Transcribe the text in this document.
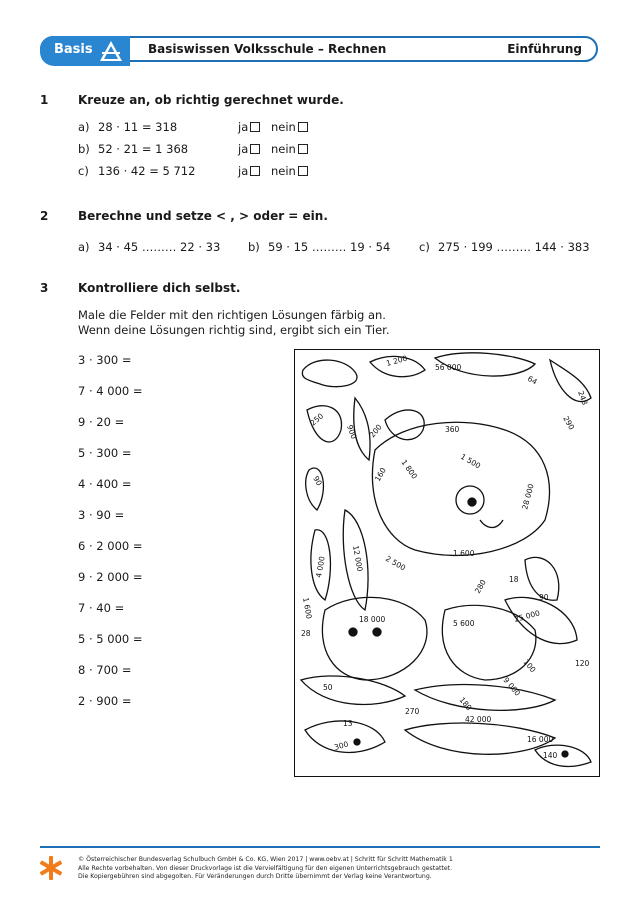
Basis	Basiswissen Volksschule – Rechnen	Einführung
1 Kreuze an, ob richtig gerechnet wurde.
a) 28 · 11 = 318	ja	nein
b) 52 · 21 = 1 368	ja	nein
c) 136 · 42 = 5 712	ja	nein
2 Berechne und setze < , > oder = ein.
a) 34 · 45 ……… 22 · 33 b) 59 · 15 ……… 19 · 54 c) 275 · 199 ……… 144 · 383
3 Kontrolliere dich selbst.
Male die Felder mit den richtigen Lösungen färbig an.
Wenn deine Lösungen richtig sind, ergibt sich ein Tier.
3 · 300 =
7 · 4 000 =
9 · 20 =
5 · 300 =
4 · 400 =
3 · 90 =
6 · 2 000 =
9 · 2 000 =
7 · 40 =
5 · 5 000 =
8 · 700 =
2 · 900 =
1 200	56 000
64
248
250
900 200	360	290
90
1 800	1 500
160
28 000
12 000	2 500
1 600
4 000
280	18
1 600	90
18 000	5 600	25 000
28
100
9 000
120
50
270	180
13	42 000
300
16 000
140
© Österreichischer Bundesverlag Schulbuch GmbH & Co. KG, Wien 2017 | www.oebv.at | Schritt für Schritt Mathematik 1
Alle Rechte vorbehalten. Von dieser Druckvorlage ist die Vervielfältigung für den eigenen Unterrichtsgebrauch gestattet.
Die Kopiergebühren sind abgegolten. Für Veränderungen durch Dritte übernimmt der Verlag keine Verantwortung.
